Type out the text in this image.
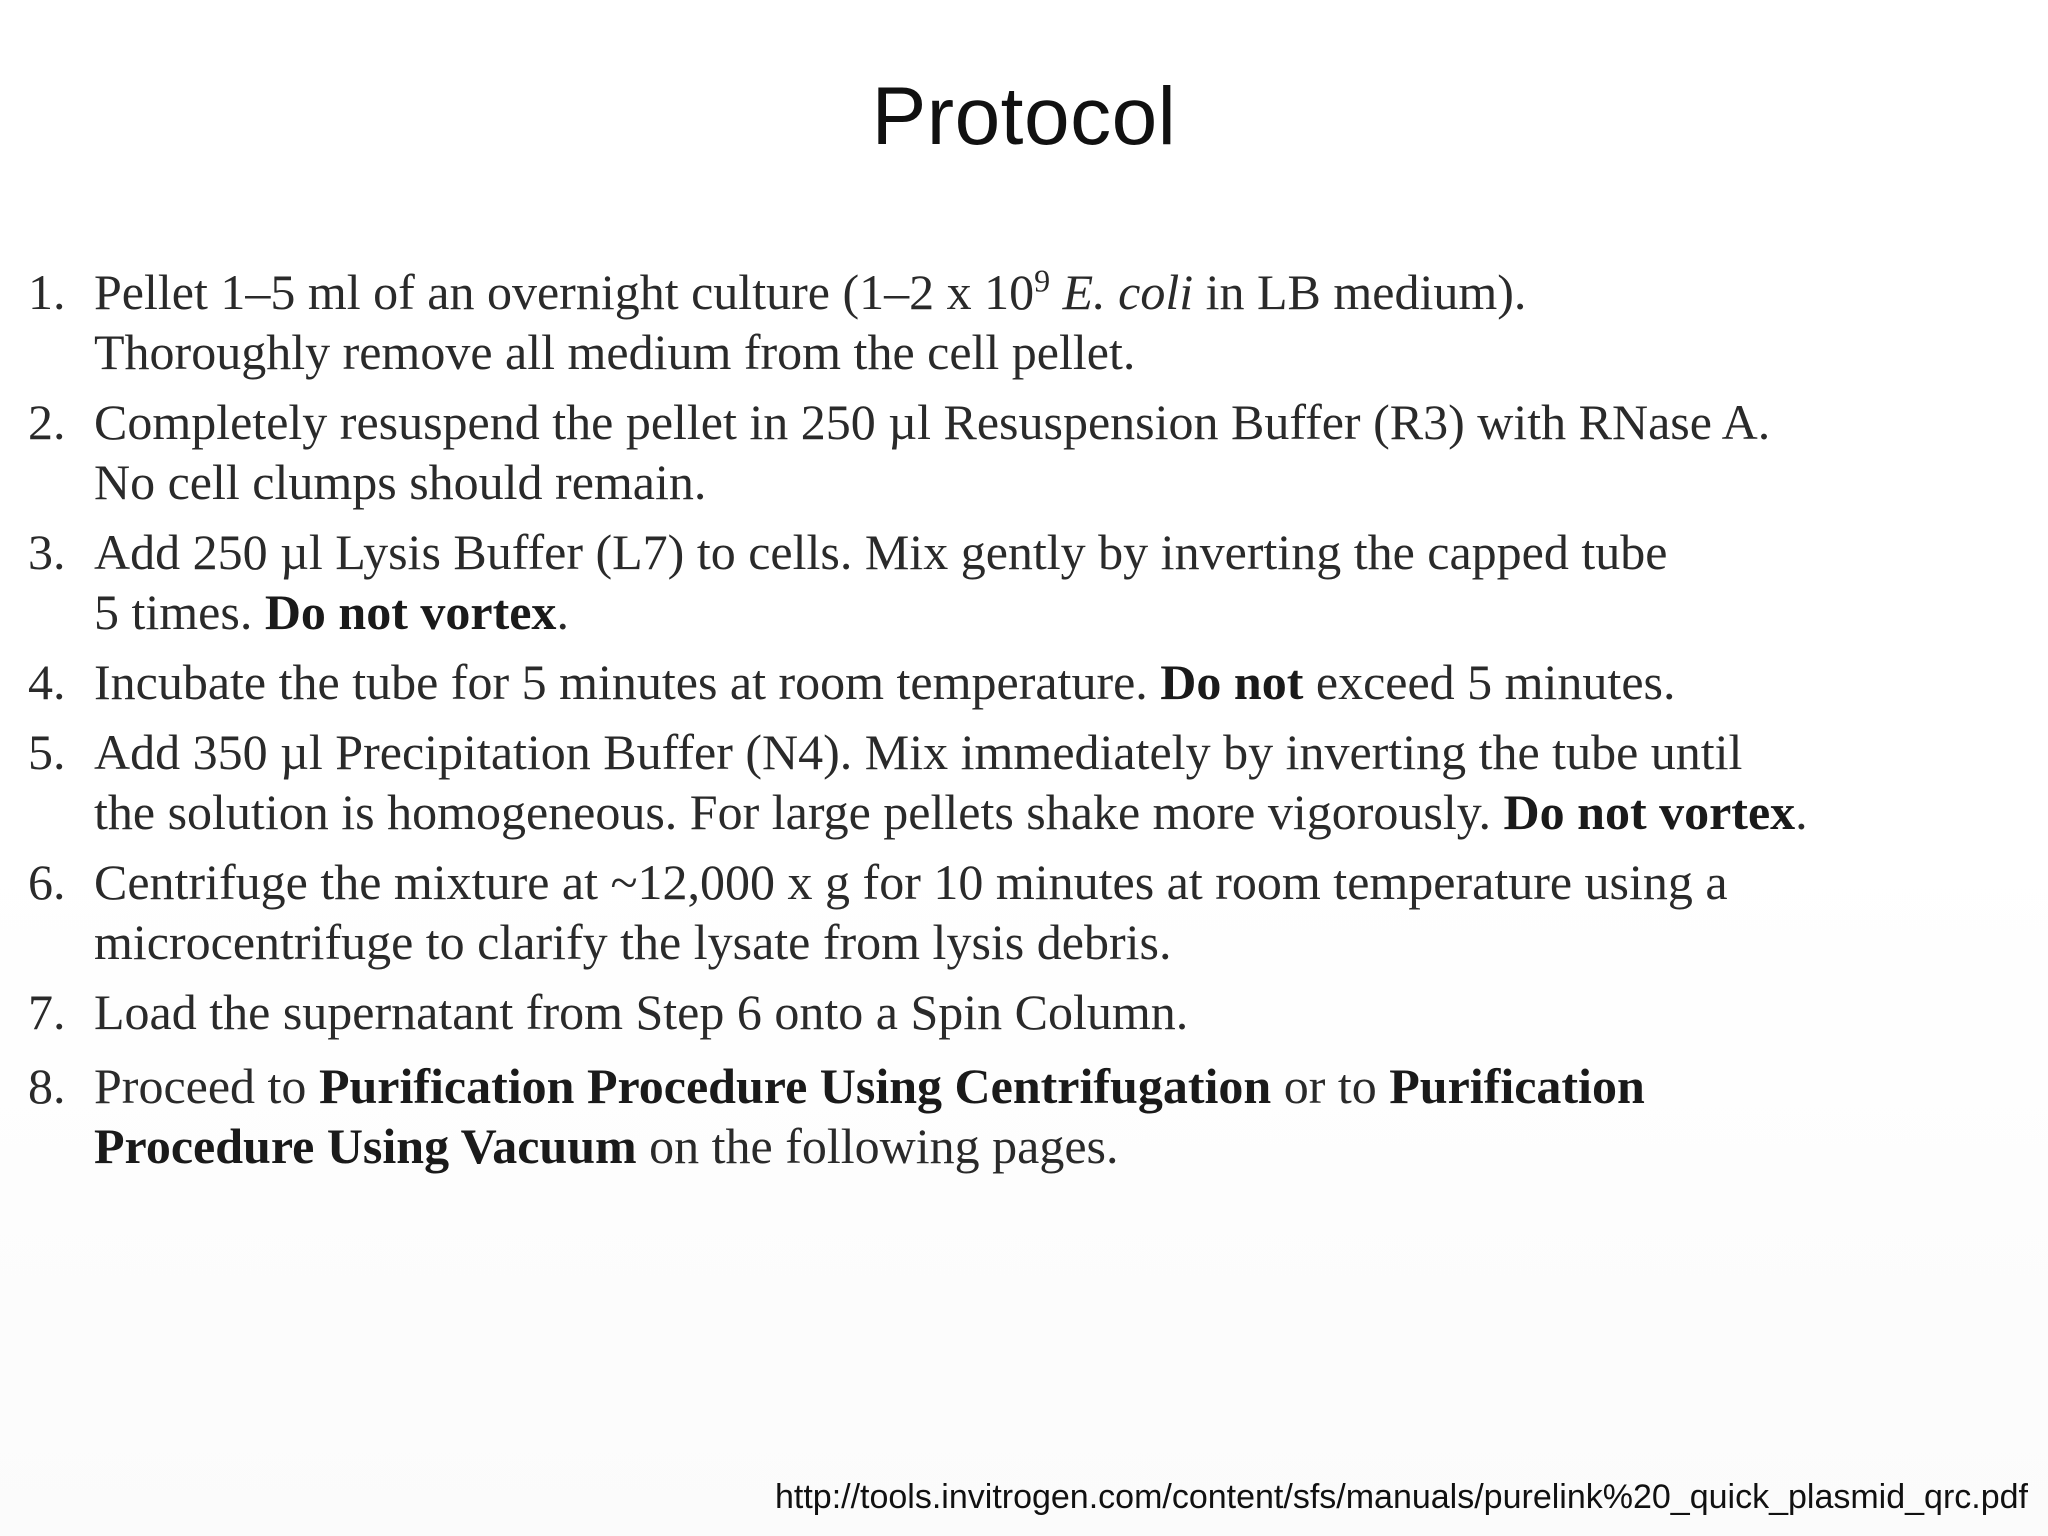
Protocol
1. Pellet 1–5 ml of an overnight culture (1–2 x $10^9$ E. coli in LB medium).
Thoroughly remove all medium from the cell pellet.
2. Completely resuspend the pellet in 250 µl Resuspension Buffer (R3) with RNase A.
No cell clumps should remain.
3. Add 250 µl Lysis Buffer (L7) to cells. Mix gently by inverting the capped tube
5 times. Do not vortex.
4. Incubate the tube for 5 minutes at room temperature. Do not exceed 5 minutes.
5. Add 350 µl Precipitation Buffer (N4). Mix immediately by inverting the tube until
the solution is homogeneous. For large pellets shake more vigorously. Do not vortex.
6. Centrifuge the mixture at ~12,000 x g for 10 minutes at room temperature using a
microcentrifuge to clarify the lysate from lysis debris.
7. Load the supernatant from Step 6 onto a Spin Column.
8. Proceed to Purification Procedure Using Centrifugation or to Purification
Procedure Using Vacuum on the following pages.
http://tools.invitrogen.com/content/sfs/manuals/purelink%20_quick_plasmid_qrc.pdf
